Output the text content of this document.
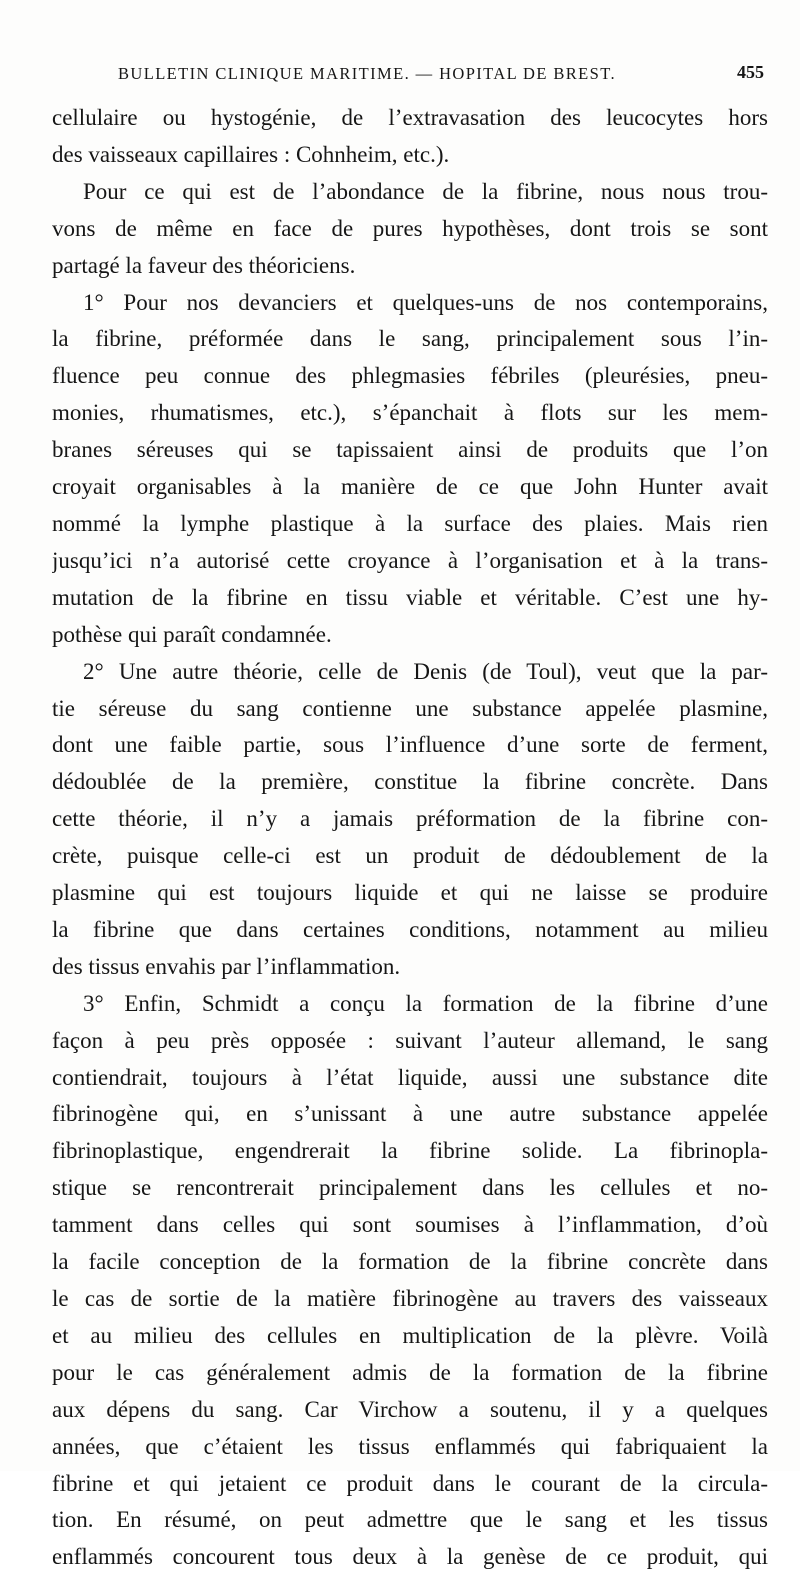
BULLETIN CLINIQUE MARITIME. — HOPITAL DE BREST.	455
cellulaire ou hystogénie, de l’extravasation des leucocytes hors
des vaisseaux capillaires : Cohnheim, etc.).
Pour ce qui est de l’abondance de la fibrine, nous nous trou-
vons de même en face de pures hypothèses, dont trois se sont
partagé la faveur des théoriciens.
1° Pour nos devanciers et quelques-uns de nos contemporains,
la fibrine, préformée dans le sang, principalement sous l’in-
fluence peu connue des phlegmasies fébriles (pleurésies, pneu-
monies, rhumatismes, etc.), s’épanchait à flots sur les mem-
branes séreuses qui se tapissaient ainsi de produits que l’on
croyait organisables à la manière de ce que John Hunter avait
nommé la lymphe plastique à la surface des plaies. Mais rien
jusqu’ici n’a autorisé cette croyance à l’organisation et à la trans-
mutation de la fibrine en tissu viable et véritable. C’est une hy-
pothèse qui paraît condamnée.
2° Une autre théorie, celle de Denis (de Toul), veut que la par-
tie séreuse du sang contienne une substance appelée plasmine,
dont une faible partie, sous l’influence d’une sorte de ferment,
dédoublée de la première, constitue la fibrine concrète. Dans
cette théorie, il n’y a jamais préformation de la fibrine con-
crète, puisque celle-ci est un produit de dédoublement de la
plasmine qui est toujours liquide et qui ne laisse se produire
la fibrine que dans certaines conditions, notamment au milieu
des tissus envahis par l’inflammation.
3° Enfin, Schmidt a conçu la formation de la fibrine d’une
façon à peu près opposée : suivant l’auteur allemand, le sang
contiendrait, toujours à l’état liquide, aussi une substance dite
fibrinogène qui, en s’unissant à une autre substance appelée
fibrinoplastique, engendrerait la fibrine solide. La fibrinopla-
stique se rencontrerait principalement dans les cellules et no-
tamment dans celles qui sont soumises à l’inflammation, d’où
la facile conception de la formation de la fibrine concrète dans
le cas de sortie de la matière fibrinogène au travers des vaisseaux
et au milieu des cellules en multiplication de la plèvre. Voilà
pour le cas généralement admis de la formation de la fibrine
aux dépens du sang. Car Virchow a soutenu, il y a quelques
années, que c’étaient les tissus enflammés qui fabriquaient la
fibrine et qui jetaient ce produit dans le courant de la circula-
tion. En résumé, on peut admettre que le sang et les tissus
enflammés concourent tous deux à la genèse de ce produit, qui
